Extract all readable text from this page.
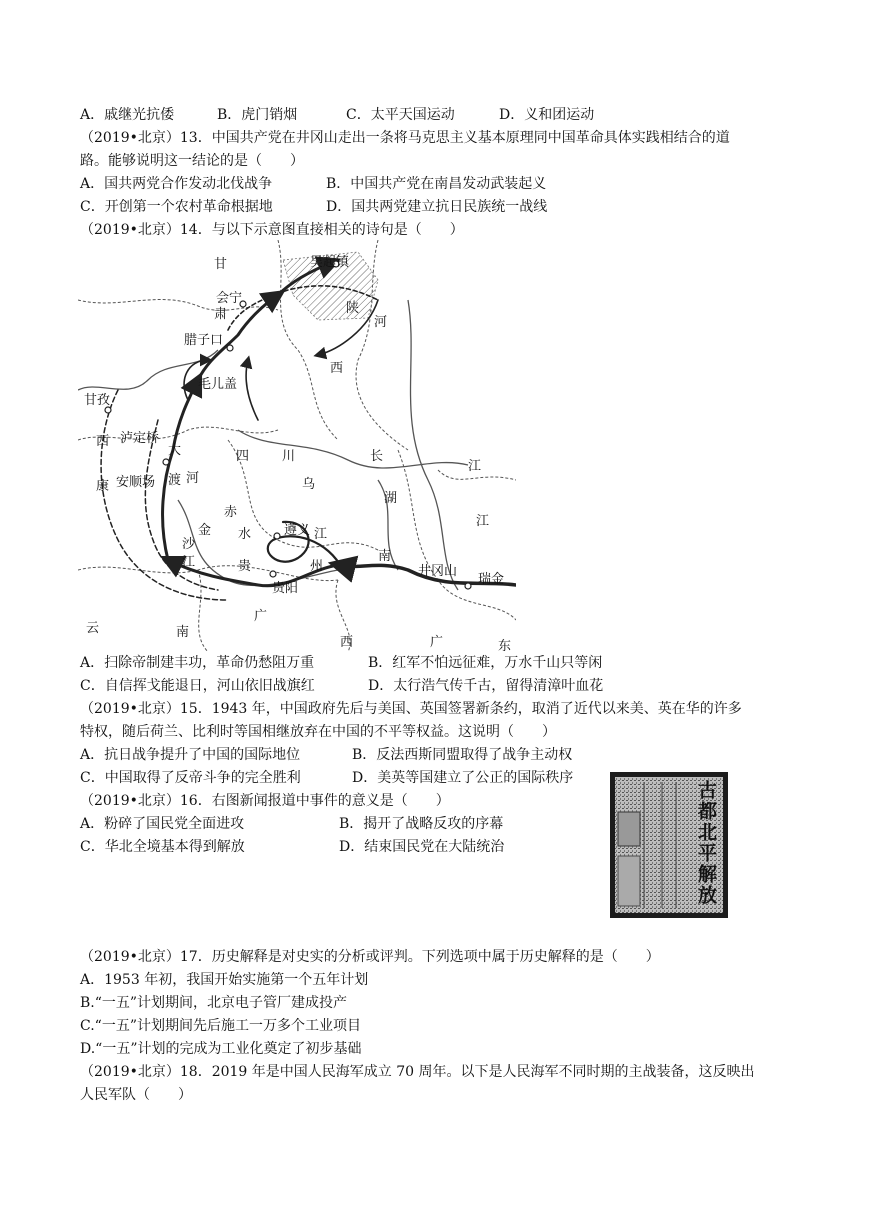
A．戚继光抗倭	B．虎门销烟	C．太平天国运动	D．义和团运动
（2019•北京）13．中国共产党在井冈山走出一条将马克思主义基本原理同中国革命具体实践相结合的道
路。能够说明这一结论的是（　　）
A．国共两党合作发动北伐战争	B．中国共产党在南昌发动武装起义
C．开创第一个农村革命根据地	D．国共两党建立抗日民族统一战线
（2019•北京）14．与以下示意图直接相关的诗句是（　　）
甘	吴起镇
会宁
肃	陕
河
腊子口
西
毛儿盖
甘孜
西
大
泸定桥
安顺场 渡 河
康
四	川	长
乌
江
江
湖
赤
水
金
沙
江
遵义 江
南
贵	州
贵阳
井冈山
瑞金
云	南
广
西	广	东
A．扫除帝制建丰功，革命仍愁阻万重	B．红军不怕远征难，万水千山只等闲
C．自信挥戈能退日，河山依旧战旗红	D．太行浩气传千古，留得清漳叶血花
（2019•北京）15．1943 年，中国政府先后与美国、英国签署新条约，取消了近代以来美、英在华的许多
特权，随后荷兰、比利时等国相继放弃在中国的不平等权益。这说明（　　）
A．抗日战争提升了中国的国际地位	B．反法西斯同盟取得了战争主动权
C．中国取得了反帝斗争的完全胜利	D．美英等国建立了公正的国际秩序
（2019•北京）16．右图新闻报道中事件的意义是（　　）
A．粉碎了国民党全面进攻	B．揭开了战略反攻的序幕
C．华北全境基本得到解放	D．结束国民党在大陆统治	古都北平解放
（2019•北京）17．历史解释是对史实的分析或评判。下列选项中属于历史解释的是（　　）
A．1953 年初，我国开始实施第一个五年计划
B.“一五”计划期间，北京电子管厂建成投产
C.“一五”计划期间先后施工一万多个工业项目
D.“一五”计划的完成为工业化奠定了初步基础
（2019•北京）18．2019 年是中国人民海军成立 70 周年。以下是人民海军不同时期的主战装备，这反映出
人民军队（　　）
